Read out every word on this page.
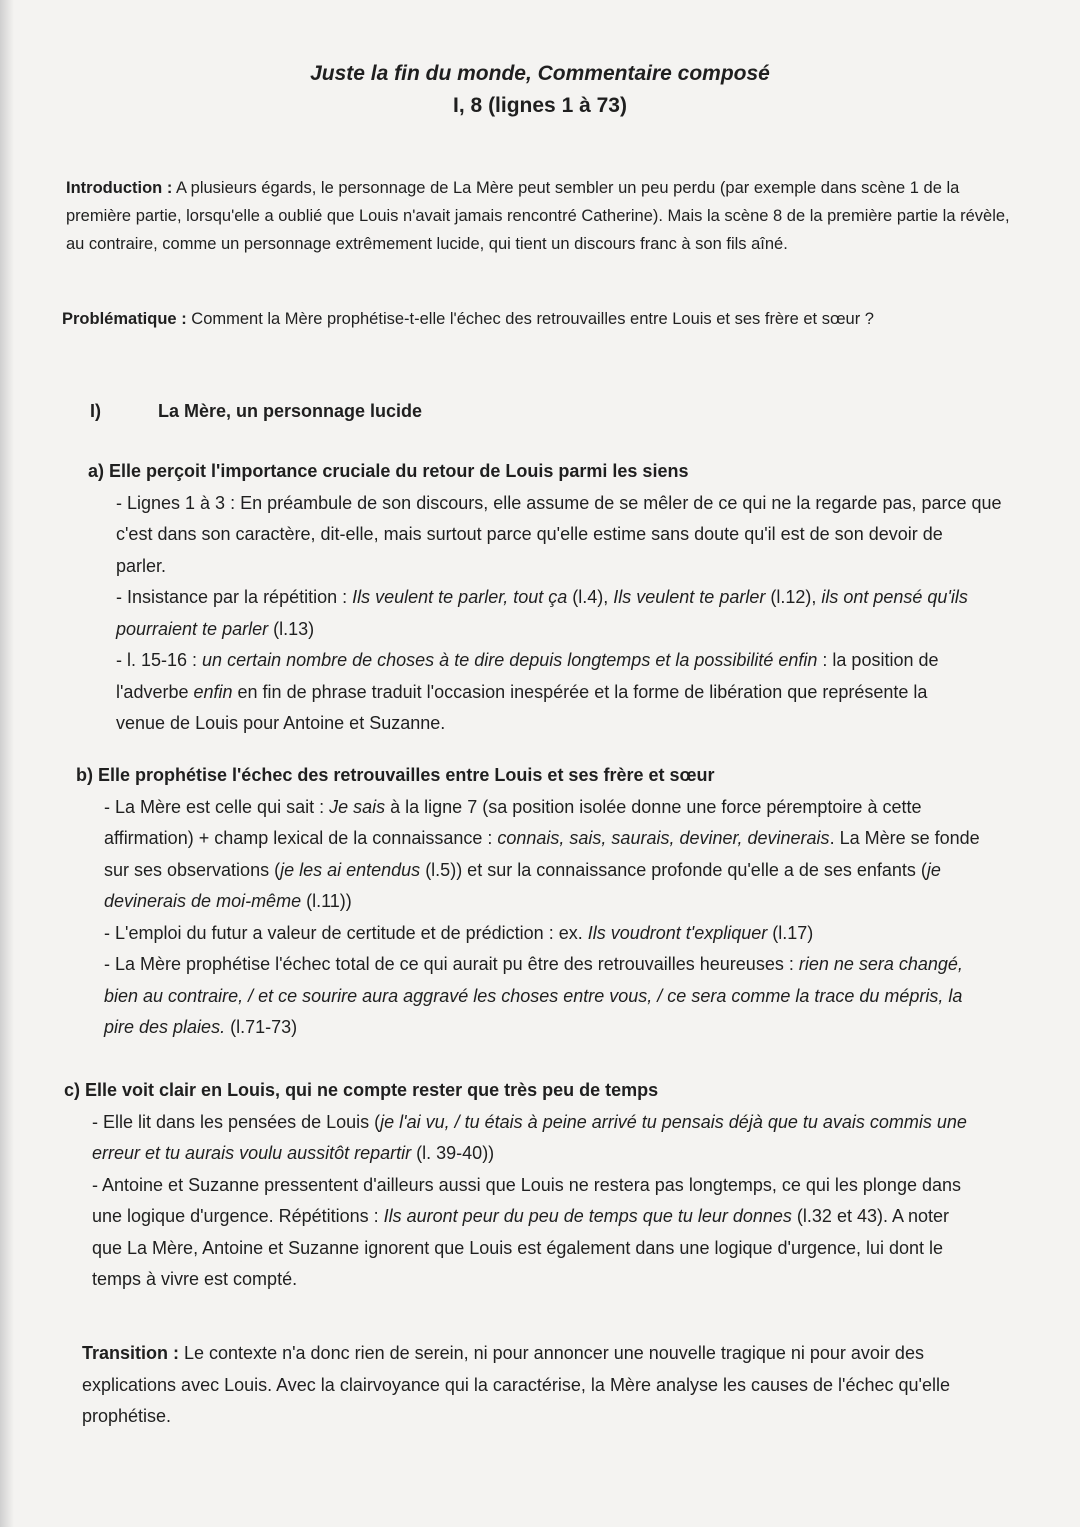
Juste la fin du monde, Commentaire composé

I, 8 (lignes 1 à 73)

Introduction : A plusieurs égards, le personnage de La Mère peut sembler un peu perdu (par exemple dans scène 1 de la première partie, lorsqu'elle a oublié que Louis n'avait jamais rencontré Catherine). Mais la scène 8 de la première partie la révèle, au contraire, comme un personnage extrêmement lucide, qui tient un discours franc à son fils aîné.

Problématique : Comment la Mère prophétise-t-elle l'échec des retrouvailles entre Louis et ses frère et sœur ?

I)	La Mère, un personnage lucide

a) Elle perçoit l'importance cruciale du retour de Louis parmi les siens

- Lignes 1 à 3 : En préambule de son discours, elle assume de se mêler de ce qui ne la regarde pas, parce que

c'est dans son caractère, dit-elle, mais surtout parce qu'elle estime sans doute qu'il est de son devoir de

parler.

- Insistance par la répétition : Ils veulent te parler, tout ça (l.4), Ils veulent te parler (l.12), ils ont pensé qu'ils

pourraient te parler (l.13)

- l. 15-16 : un certain nombre de choses à te dire depuis longtemps et la possibilité enfin : la position de

l'adverbe enfin en fin de phrase traduit l'occasion inespérée et la forme de libération que représente la

venue de Louis pour Antoine et Suzanne.

b) Elle prophétise l'échec des retrouvailles entre Louis et ses frère et sœur

- La Mère est celle qui sait : Je sais à la ligne 7 (sa position isolée donne une force péremptoire à cette

affirmation) + champ lexical de la connaissance : connais, sais, saurais, deviner, devinerais. La Mère se fonde

sur ses observations (je les ai entendus (l.5)) et sur la connaissance profonde qu'elle a de ses enfants (je

devinerais de moi-même (l.11))

- L'emploi du futur a valeur de certitude et de prédiction : ex. Ils voudront t'expliquer (l.17)

- La Mère prophétise l'échec total de ce qui aurait pu être des retrouvailles heureuses : rien ne sera changé,

bien au contraire, / et ce sourire aura aggravé les choses entre vous, / ce sera comme la trace du mépris, la

pire des plaies. (l.71-73)

c) Elle voit clair en Louis, qui ne compte rester que très peu de temps

- Elle lit dans les pensées de Louis (je l'ai vu, / tu étais à peine arrivé tu pensais déjà que tu avais commis une

erreur et tu aurais voulu aussitôt repartir (l. 39-40))

- Antoine et Suzanne pressentent d'ailleurs aussi que Louis ne restera pas longtemps, ce qui les plonge dans

une logique d'urgence. Répétitions : Ils auront peur du peu de temps que tu leur donnes (l.32 et 43). A noter

que La Mère, Antoine et Suzanne ignorent que Louis est également dans une logique d'urgence, lui dont le

temps à vivre est compté.

Transition : Le contexte n'a donc rien de serein, ni pour annoncer une nouvelle tragique ni pour avoir des

explications avec Louis. Avec la clairvoyance qui la caractérise, la Mère analyse les causes de l'échec qu'elle

prophétise.
